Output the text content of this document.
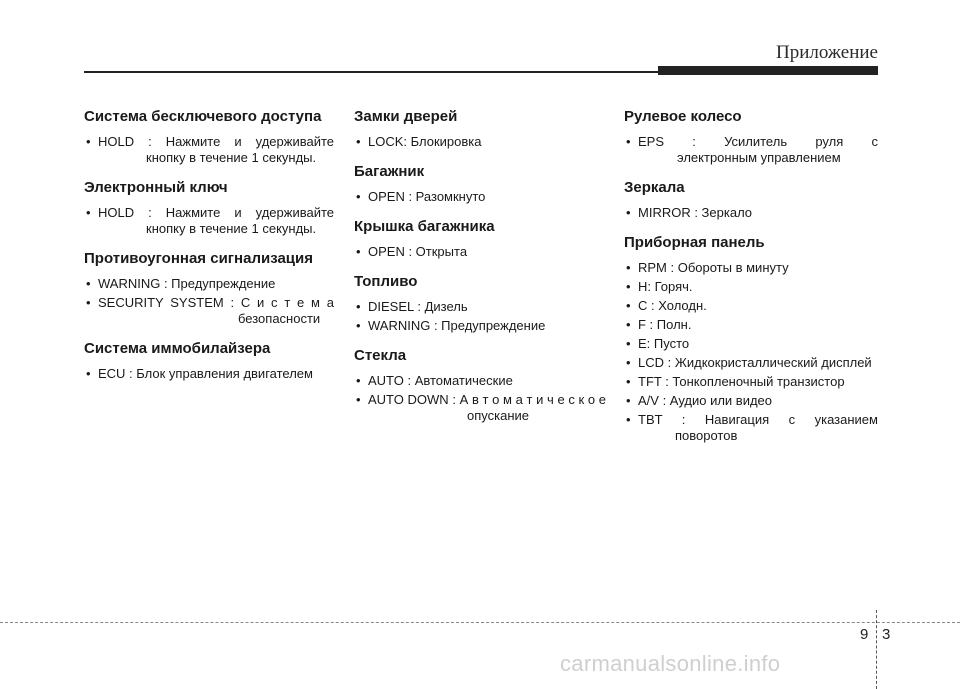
Приложение
Система бесключевого доступа
• HOLD : Нажмите и удерживайте
кнопку в течение 1 секунды.
Электронный ключ
• HOLD : Нажмите и удерживайте
кнопку в течение 1 секунды.
Противоугонная сигнализация
• WARNING : Предупреждение
• SECURITY SYSTEM : С и с т е м а
безопасности
Система иммобилайзера
• ECU : Блок управления двигателем
Замки дверей
• LOCK: Блокировка
Багажник
• OPEN : Разомкнуто
Крышка багажника
• OPEN : Открыта
Топливо
• DIESEL : Дизель
• WARNING : Предупреждение
Стекла
• AUTO : Автоматические
• AUTO DOWN : А в т о м а т и ч е с к о е
опускание
Рулевое колесо
• EPS : Усилитель руля с
электронным управлением
Зеркала
• MIRROR : Зеркало
Приборная панель
• RPM : Обороты в минуту
• H: Горяч.
• C : Холодн.
• F : Полн.
• E: Пусто
• LCD : Жидкокристаллический дисплей
• TFT : Тонкопленочный транзистор
• A/V : Аудио или видео
• TBT : Навигация с указанием
поворотов
9 3
carmanualsonline.info
